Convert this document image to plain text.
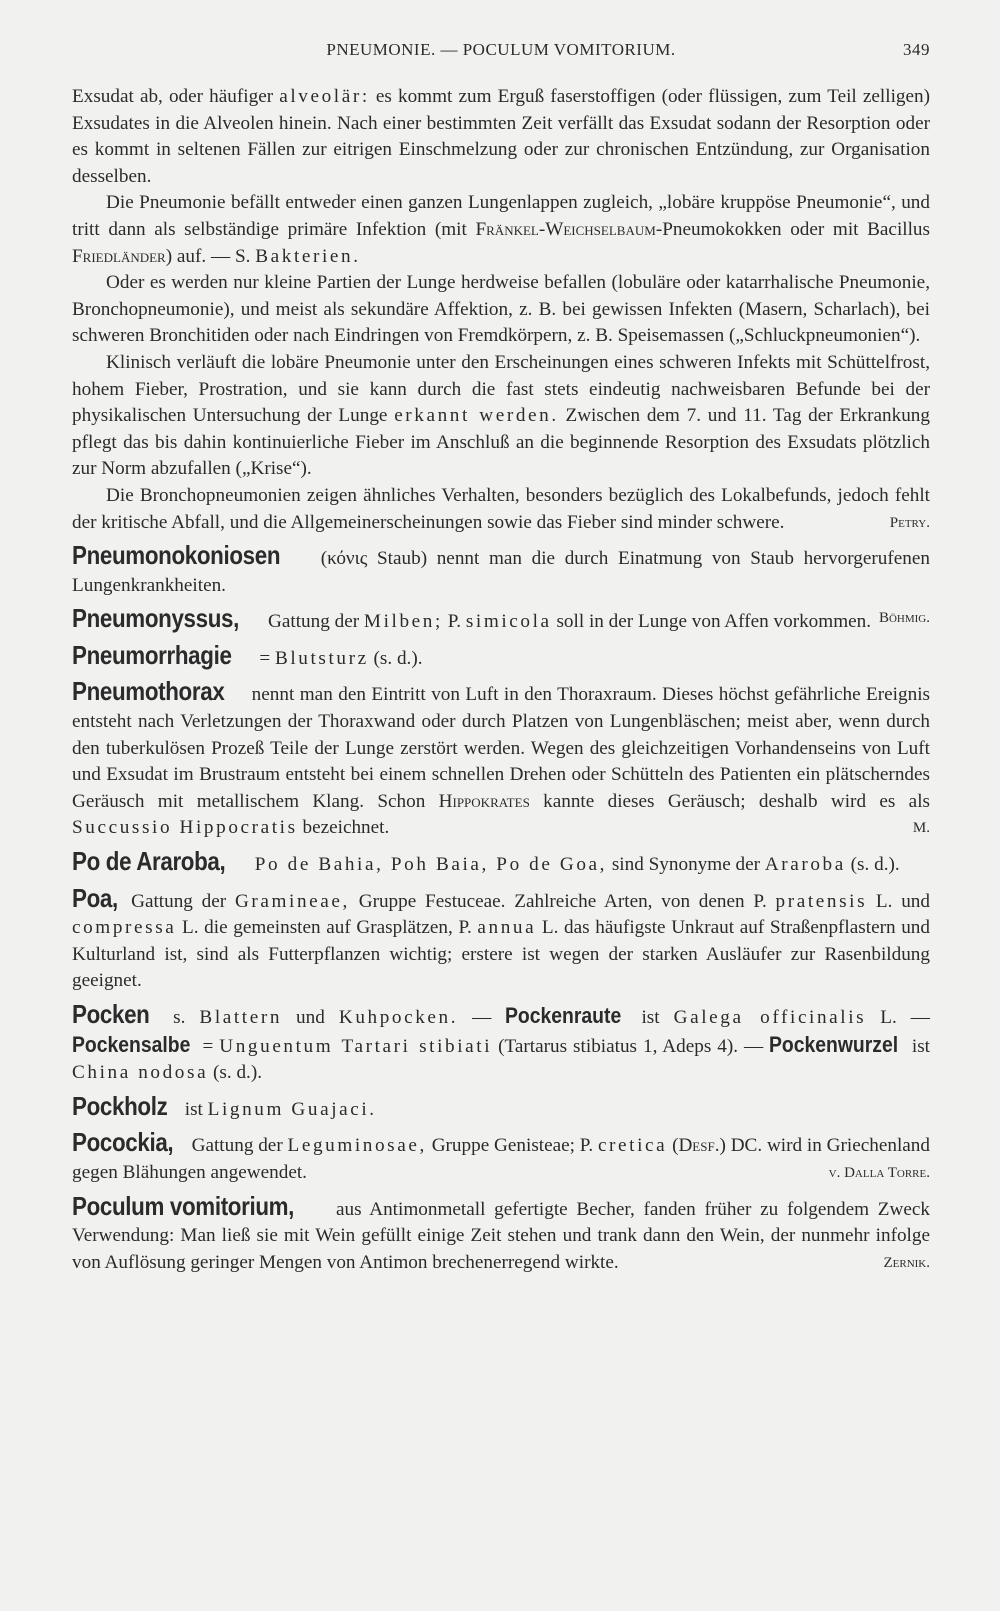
PNEUMONIE. — POCULUM VOMITORIUM.	349

Exsudat ab, oder häufiger alveolär: es kommt zum Erguß faserstoffigen (oder flüssigen, zum Teil zelligen) Exsudates in die Alveolen hinein. Nach einer bestimmten Zeit verfällt das Exsudat sodann der Resorption oder es kommt in seltenen Fällen zur eitrigen Einschmelzung oder zur chronischen Entzündung, zur Organisation desselben.

Die Pneumonie befällt entweder einen ganzen Lungenlappen zugleich, „lobäre kruppöse Pneumonie“, und tritt dann als selbständige primäre Infektion (mit Fränkel-Weichselbaum-Pneumokokken oder mit Bacillus Friedländer) auf. — S. Bakterien.

Oder es werden nur kleine Partien der Lunge herdweise befallen (lobuläre oder katarrhalische Pneumonie, Bronchopneumonie), und meist als sekundäre Affektion, z. B. bei gewissen Infekten (Masern, Scharlach), bei schweren Bronchitiden oder nach Eindringen von Fremdkörpern, z. B. Speisemassen („Schluckpneumonien“).

Klinisch verläuft die lobäre Pneumonie unter den Erscheinungen eines schweren Infekts mit Schüttelfrost, hohem Fieber, Prostration, und sie kann durch die fast stets eindeutig nachweisbaren Befunde bei der physikalischen Untersuchung der Lunge erkannt werden. Zwischen dem 7. und 11. Tag der Erkrankung pflegt das bis dahin kontinuierliche Fieber im Anschluß an die beginnende Resorption des Exsudats plötzlich zur Norm abzufallen („Krise“).

Die Bronchopneumonien zeigen ähnliches Verhalten, besonders bezüglich des Lokalbefunds, jedoch fehlt der kritische Abfall, und die Allgemeinerscheinungen sowie das Fieber sind minder schwere.	Petry.

Pneumonokoniosen (κόνις Staub) nennt man die durch Einatmung von Staub hervorgerufenen Lungenkrankheiten.

Pneumonyssus, Gattung der Milben; P. simicola soll in der Lunge von Affen vorkommen. Böhmig.

Pneumorrhagie = Blutsturz (s. d.).

Pneumothorax nennt man den Eintritt von Luft in den Thoraxraum. Dieses höchst gefährliche Ereignis entsteht nach Verletzungen der Thoraxwand oder durch Platzen von Lungenbläschen; meist aber, wenn durch den tuberkulösen Prozeß Teile der Lunge zerstört werden. Wegen des gleichzeitigen Vorhandenseins von Luft und Exsudat im Brustraum entsteht bei einem schnellen Drehen oder Schütteln des Patienten ein plätscherndes Geräusch mit metallischem Klang. Schon Hippokrates kannte dieses Geräusch; deshalb wird es als Succussio Hippocratis bezeichnet.	M.

Po de Araroba, Po de Bahia, Poh Baia, Po de Goa, sind Synonyme der Araroba (s. d.).

Poa, Gattung der Gramineae, Gruppe Festuceae. Zahlreiche Arten, von denen P. pratensis L. und compressa L. die gemeinsten auf Grasplätzen, P. annua L. das häufigste Unkraut auf Straßenpflastern und Kulturland ist, sind als Futterpflanzen wichtig; erstere ist wegen der starken Ausläufer zur Rasenbildung geeignet.

Pocken s. Blattern und Kuhpocken. — Pockenraute ist Galega officinalis L. — Pockensalbe = Unguentum Tartari stibiati (Tartarus stibiatus 1, Adeps 4). — Pockenwurzel ist China nodosa (s. d.).

Pockholz ist Lignum Guajaci.

Pocockia, Gattung der Leguminosae, Gruppe Genisteae; P. cretica (Desf.) DC. wird in Griechenland gegen Blähungen angewendet.	v. Dalla Torre.

Poculum vomitorium, aus Antimonmetall gefertigte Becher, fanden früher zu folgendem Zweck Verwendung: Man ließ sie mit Wein gefüllt einige Zeit stehen und trank dann den Wein, der nunmehr infolge von Auflösung geringer Mengen von Antimon brechenerregend wirkte.	Zernik.
